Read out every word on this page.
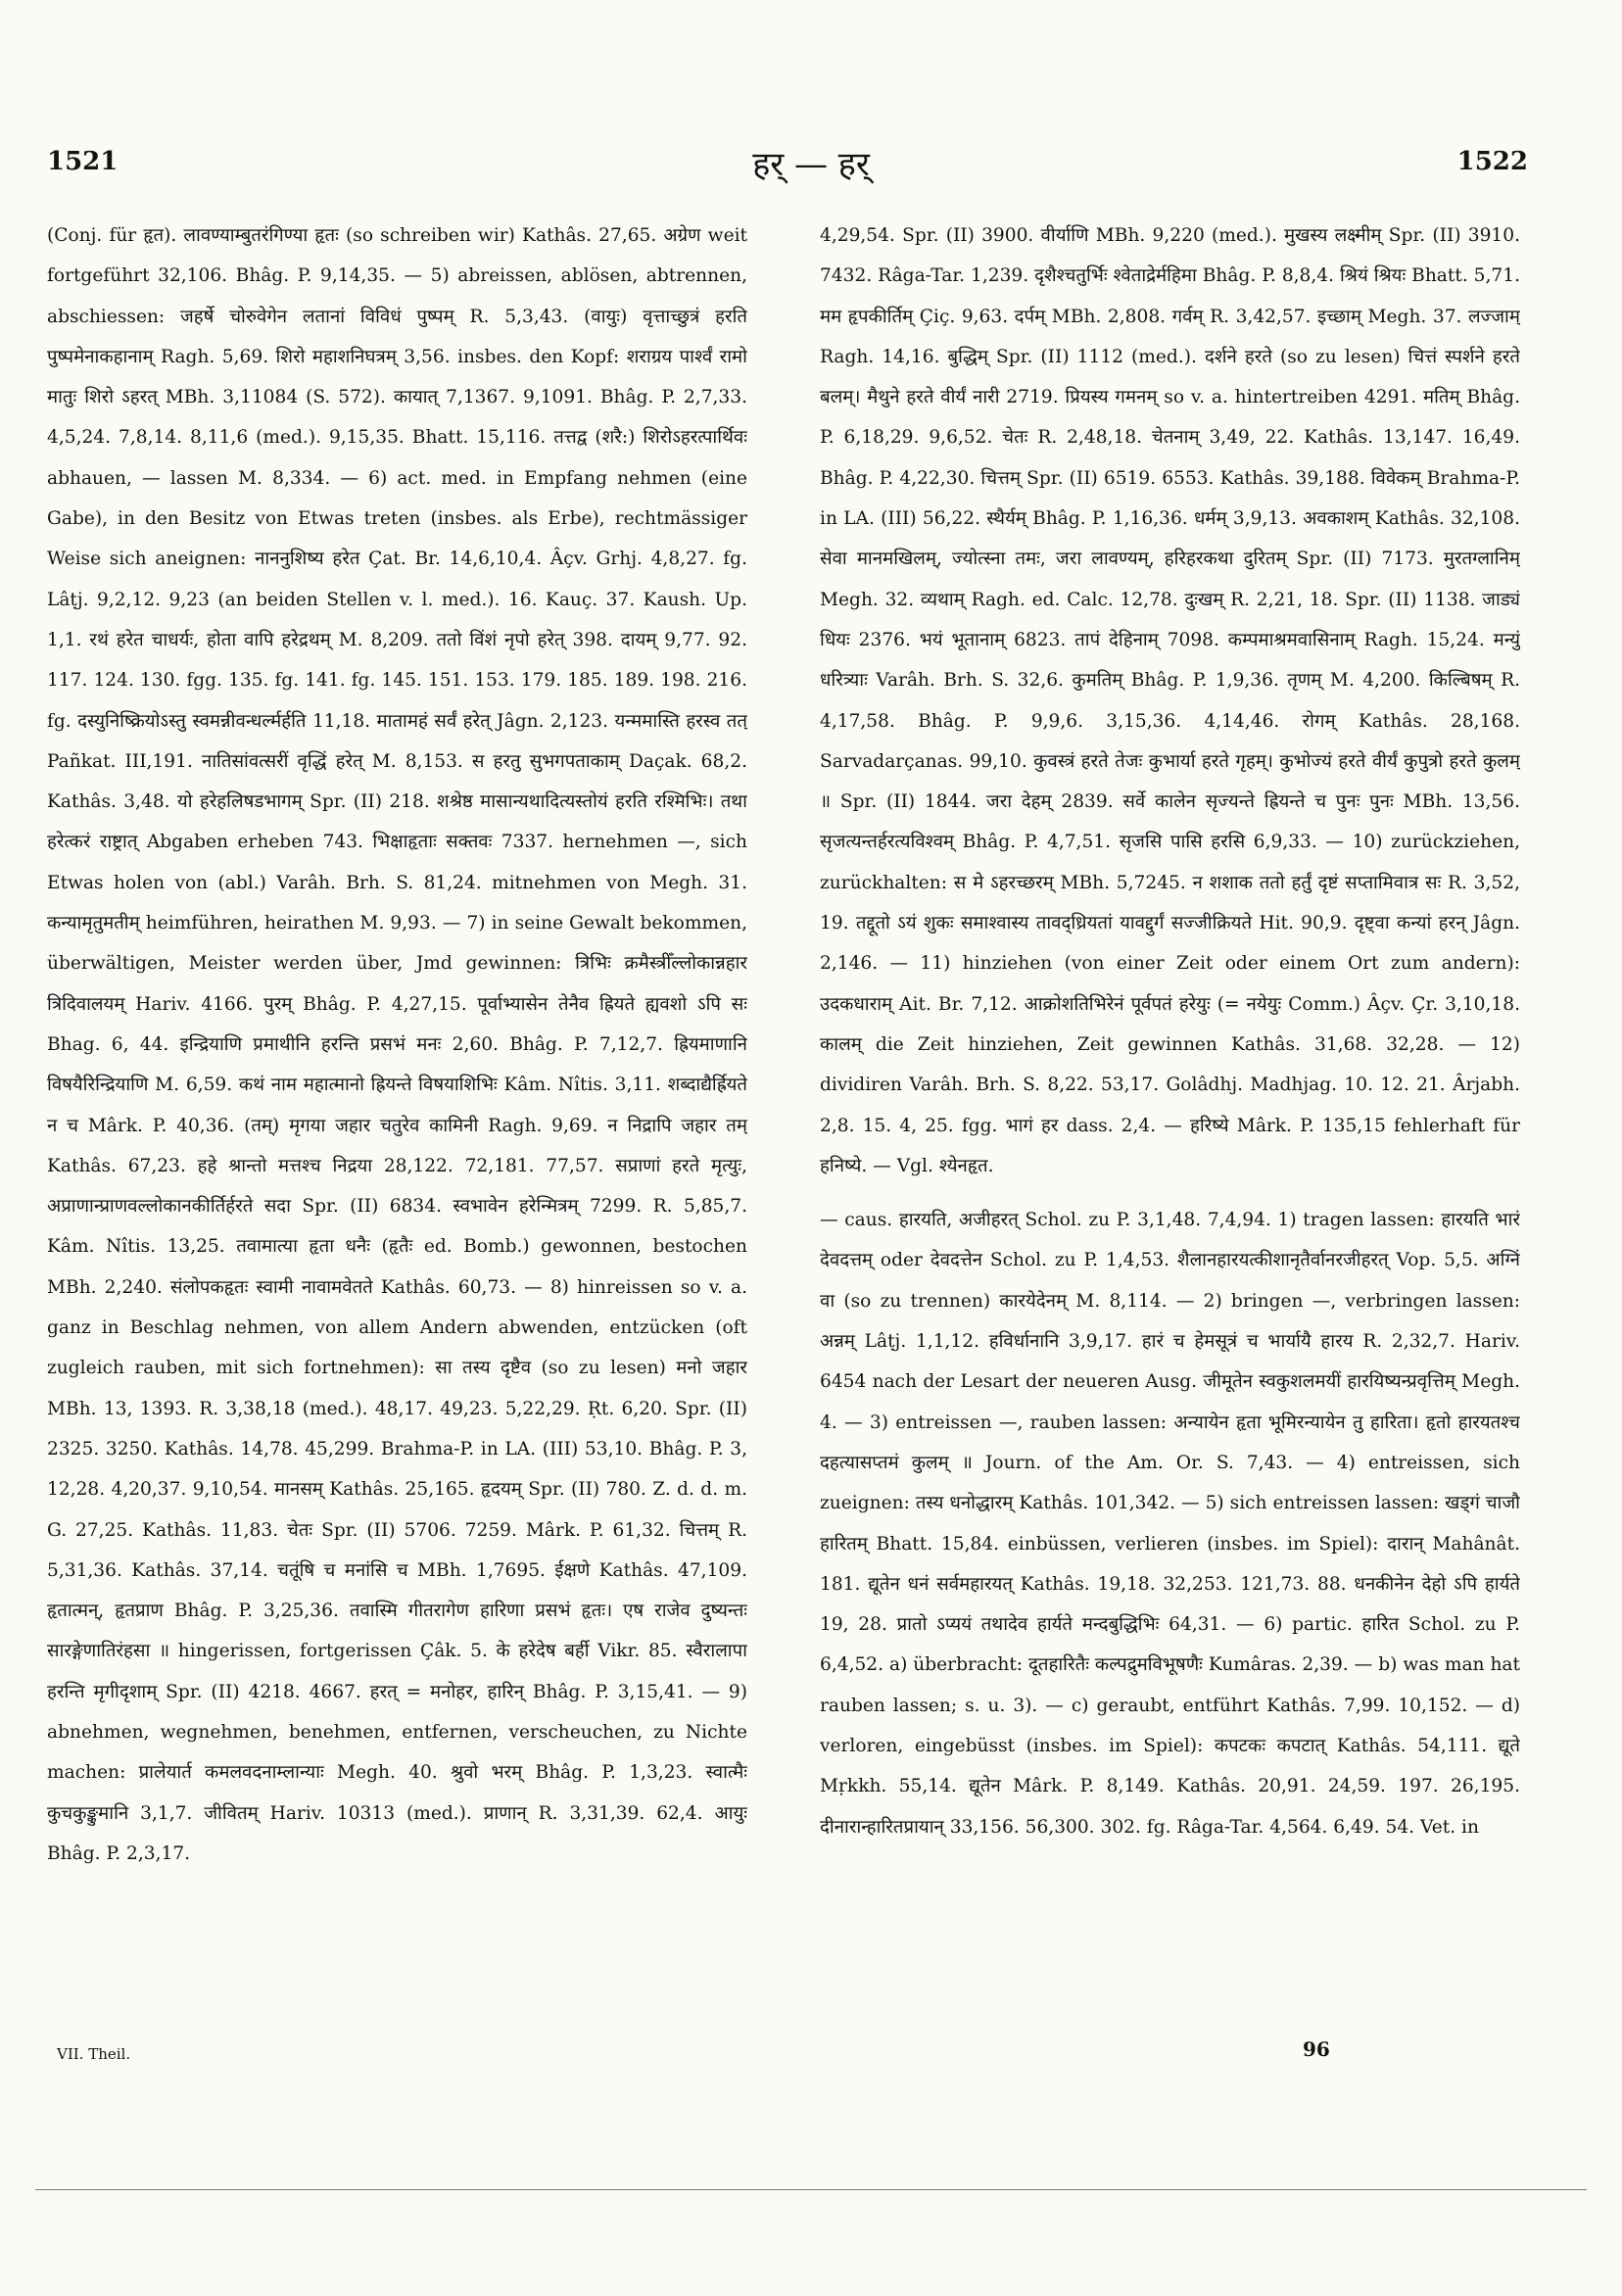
1521	हर् — हर्	1522

(Conj. für हृत). लावण्याम्बुतरंगिण्या हृतः (so schreiben wir) Kathâs. 27,65. अग्रेण weit fortgeführt 32,106. Bhâg. P. 9,14,35. — 5) abreissen, ablösen, abtrennen, abschiessen: जहर्षे चोरुवेगेन लतानां विविधं पुष्पम् R. 5,3,43. (वायुः) वृत्ताच्छुत्रं हरति पुष्पमेनाकहानाम् Ragh. 5,69. शिरो महाशनिघत्रम् 3,56. insbes. den Kopf: शराग्रय पार्श्वं रामो मातुः शिरो ऽहरत् MBh. 3,11084 (S. 572). कायात् 7,1367. 9,1091. Bhâg. P. 2,7,33. 4,5,24. 7,8,14. 8,11,6 (med.). 9,15,35. Bhatt. 15,116. तत्तद्व (शरै:) शिरोऽहरत्पार्थिवः abhauen, — lassen M. 8,334. — 6) act. med. in Empfang nehmen (eine Gabe), in den Besitz von Etwas treten (insbes. als Erbe), rechtmässiger Weise sich aneignen: नाननुशिष्य हरेत Çat. Br. 14,6,10,4. Âçv. Grhj. 4,8,27. fg. Lâṭj. 9,2,12. 9,23 (an beiden Stellen v. l. med.). 16. Kauç. 37. Kaush. Up. 1,1. रथं हरेत चाधर्यः, होता वापि हरेद्रथम् M. 8,209. ततो विंशं नृपो हरेत् 398. दायम् 9,77. 92. 117. 124. 130. fgg. 135. fg. 141. fg. 145. 151. 153. 179. 185. 189. 198. 216. fg. दस्युनिष्क्रियोऽस्तु स्वमन्नीवन्धर्ल्मर्हति 11,18. मातामहं सर्वं हरेत् Jâgn. 2,123. यन्ममास्ति हरस्व तत् Pañkat. III,191. नातिसांवत्सरीं वृद्धिं हरेत् M. 8,153. स हरतु सुभगपताकाम् Daçak. 68,2. Kathâs. 3,48. यो हरेहलिषडभागम् Spr. (II) 218. शश्रेष्ठ मासान्यथादित्यस्तोयं हरति रश्मिभिः। तथा हरेत्करं राष्ट्रात् Abgaben erheben 743. भिक्षाहृताः सक्तवः 7337. hernehmen —, sich Etwas holen von (abl.) Varâh. Brh. S. 81,24. mitnehmen von Megh. 31. कन्यामृतुमतीम् heimführen, heirathen M. 9,93. — 7) in seine Gewalt bekommen, überwältigen, Meister werden über, Jmd gewinnen: त्रिभिः क्रमैस्त्रीँल्लोकान्नहार त्रिदिवालयम् Hariv. 4166. पुरम् Bhâg. P. 4,27,15. पूर्वाभ्यासेन तेनैव ह्रियते ह्यवशो ऽपि सः Bhag. 6, 44. इन्द्रियाणि प्रमाथीनि हरन्ति प्रसभं मनः 2,60. Bhâg. P. 7,12,7. ह्रियमाणानि विषयैरिन्द्रियाणि M. 6,59. कथं नाम महात्मानो ह्रियन्ते विषयाशिभिः Kâm. Nîtis. 3,11. शब्दाद्यैर्ह्रियते न च Mârk. P. 40,36. (तम्) मृगया जहार चतुरेव कामिनी Ragh. 9,69. न निद्रापि जहार तम् Kathâs. 67,23. हहे श्रान्तो मत्तश्च निद्रया 28,122. 72,181. 77,57. सप्राणां हरते मृत्युः, अप्राणान्प्राणवल्लोकानकीर्तिर्हरते सदा Spr. (II) 6834. स्वभावेन हरेन्मित्रम् 7299. R. 5,85,7. Kâm. Nîtis. 13,25. तवामात्या हृता धनैः (हृतैः ed. Bomb.) gewonnen, bestochen MBh. 2,240. संलोपकहृतः स्वामी नावामवेतते Kathâs. 60,73. — 8) hinreissen so v. a. ganz in Beschlag nehmen, von allem Andern abwenden, entzücken (oft zugleich rauben, mit sich fortnehmen): सा तस्य दृष्टैव (so zu lesen) मनो जहार MBh. 13, 1393. R. 3,38,18 (med.). 48,17. 49,23. 5,22,29. Ṛt. 6,20. Spr. (II) 2325. 3250. Kathâs. 14,78. 45,299. Brahma-P. in LA. (III) 53,10. Bhâg. P. 3, 12,28. 4,20,37. 9,10,54. मानसम् Kathâs. 25,165. हृदयम् Spr. (II) 780. Z. d. d. m. G. 27,25. Kathâs. 11,83. चेतः Spr. (II) 5706. 7259. Mârk. P. 61,32. चित्तम् R. 5,31,36. Kathâs. 37,14. चतूंषि च मनांसि च MBh. 1,7695. ईक्षणे Kathâs. 47,109. हृतात्मन्, हृतप्राण Bhâg. P. 3,25,36. तवास्मि गीतरागेण हारिणा प्रसभं हृतः। एष राजेव दुष्यन्तः सारङ्गेणातिरंहसा ॥ hingerissen, fortgerissen Çâk. 5. के हरेदेष बर्ही Vikr. 85. स्वैरालापा हरन्ति मृगीदृशाम् Spr. (II) 4218. 4667. हरत् = मनोहर, हारिन् Bhâg. P. 3,15,41. — 9) abnehmen, wegnehmen, benehmen, entfernen, verscheuchen, zu Nichte machen: प्रालेयार्त कमलवदनाम्लान्याः Megh. 40. श्रुवो भरम् Bhâg. P. 1,3,23. स्वात्मैः कुचकुङ्कुमानि 3,1,7. जीवितम् Hariv. 10313 (med.). प्राणान् R. 3,31,39. 62,4. आयुः Bhâg. P. 2,3,17.

4,29,54. Spr. (II) 3900. वीर्याणि MBh. 9,220 (med.). मुखस्य लक्ष्मीम् Spr. (II) 3910. 7432. Râga-Tar. 1,239. दृशैश्चतुर्भिः श्वेताद्रेर्महिमा Bhâg. P. 8,8,4. श्रियं श्रियः Bhatt. 5,71. मम हृपकीर्तिम् Çiç. 9,63. दर्पम् MBh. 2,808. गर्वम् R. 3,42,57. इच्छाम् Megh. 37. लज्जाम् Ragh. 14,16. बुद्धिम् Spr. (II) 1112 (med.). दर्शने हरते (so zu lesen) चित्तं स्पर्शने हरते बलम्। मैथुने हरते वीर्यं नारी 2719. प्रियस्य गमनम् so v. a. hintertreiben 4291. मतिम् Bhâg. P. 6,18,29. 9,6,52. चेतः R. 2,48,18. चेतनाम् 3,49, 22. Kathâs. 13,147. 16,49. Bhâg. P. 4,22,30. चित्तम् Spr. (II) 6519. 6553. Kathâs. 39,188. विवेकम् Brahma-P. in LA. (III) 56,22. स्थैर्यम् Bhâg. P. 1,16,36. धर्मम् 3,9,13. अवकाशम् Kathâs. 32,108. सेवा मानमखिलम्, ज्योत्स्ना तमः, जरा लावण्यम्, हरिहरकथा दुरितम् Spr. (II) 7173. मुरतग्लानिम् Megh. 32. व्यथाम् Ragh. ed. Calc. 12,78. दुःखम् R. 2,21, 18. Spr. (II) 1138. जाड्यं धियः 2376. भयं भूतानाम् 6823. तापं देहिनाम् 7098. कम्पमाश्रमवासिनाम् Ragh. 15,24. मन्युं धरित्र्याः Varâh. Brh. S. 32,6. कुमतिम् Bhâg. P. 1,9,36. तृणम् M. 4,200. किल्बिषम् R. 4,17,58. Bhâg. P. 9,9,6. 3,15,36. 4,14,46. रोगम् Kathâs. 28,168. Sarvadarçanas. 99,10. कुवस्त्रं हरते तेजः कुभार्या हरते गृहम्। कुभोज्यं हरते वीर्यं कुपुत्रो हरते कुलम् ॥ Spr. (II) 1844. जरा देहम् 2839. सर्वे कालेन सृज्यन्ते ह्रियन्ते च पुनः पुनः MBh. 13,56. सृजत्यन्तर्हरत्यविश्वम् Bhâg. P. 4,7,51. सृजसि पासि हरसि 6,9,33. — 10) zurückziehen, zurückhalten: स मे ऽहरच्छरम् MBh. 5,7245. न शशाक ततो हर्तुं दृष्टं सप्तामिवात्र सः R. 3,52, 19. तद्दूतो ऽयं शुकः समाश्वास्य तावद्ध्रियतां यावद्दुर्गं सज्जीक्रियते Hit. 90,9. दृष्ट्वा कन्यां हरन् Jâgn. 2,146. — 11) hinziehen (von einer Zeit oder einem Ort zum andern): उदकधाराम् Ait. Br. 7,12. आक्रोशतिभिरेनं पूर्वपतं हरेयुः (= नयेयुः Comm.) Âçv. Çr. 3,10,18. कालम् die Zeit hinziehen, Zeit gewinnen Kathâs. 31,68. 32,28. — 12) dividiren Varâh. Brh. S. 8,22. 53,17. Golâdhj. Madhjag. 10. 12. 21. Ârjabh. 2,8. 15. 4, 25. fgg. भागं हर dass. 2,4. — हरिष्ये Mârk. P. 135,15 fehlerhaft für हनिष्ये. — Vgl. श्येनहृत.

— caus. हारयति, अजीहरत् Schol. zu P. 3,1,48. 7,4,94. 1) tragen lassen: हारयति भारं देवदत्तम् oder देवदत्तेन Schol. zu P. 1,4,53. शैलानहारयत्कीशानृतैर्वानरजीहरत् Vop. 5,5. अग्निं वा (so zu trennen) कारयेदेनम् M. 8,114. — 2) bringen —, verbringen lassen: अन्नम् Lâṭj. 1,1,12. हविर्धानानि 3,9,17. हारं च हेमसूत्रं च भार्यायै हारय R. 2,32,7. Hariv. 6454 nach der Lesart der neueren Ausg. जीमूतेन स्वकुशलमयीं हारयिष्यन्प्रवृत्तिम् Megh. 4. — 3) entreissen —, rauben lassen: अन्यायेन हृता भूमिरन्यायेन तु हारिता। हृतो हारयतश्च दहत्यासप्तमं कुलम् ॥ Journ. of the Am. Or. S. 7,43. — 4) entreissen, sich zueignen: तस्य धनोद्धारम् Kathâs. 101,342. — 5) sich entreissen lassen: खड्गं चाजौ हारितम् Bhatt. 15,84. einbüssen, verlieren (insbes. im Spiel): दारान् Mahânât. 181. द्यूतेन धनं सर्वमहारयत् Kathâs. 19,18. 32,253. 121,73. 88. धनकीनेन देहो ऽपि हार्यते 19, 28. प्रातो ऽप्ययं तथादेव हार्यते मन्दबुद्धिभिः 64,31. — 6) partic. हारित Schol. zu P. 6,4,52. a) überbracht: दूतहारितैः कल्पद्रुमविभूषणैः Kumâras. 2,39. — b) was man hat rauben lassen; s. u. 3). — c) geraubt, entführt Kathâs. 7,99. 10,152. — d) verloren, eingebüsst (insbes. im Spiel): कपटकः कपटात् Kathâs. 54,111. द्यूते Mṛkkh. 55,14. द्यूतेन Mârk. P. 8,149. Kathâs. 20,91. 24,59. 197. 26,195. दीनारान्हारितप्रायान् 33,156. 56,300. 302. fg. Râga-Tar. 4,564. 6,49. 54. Vet. in

VII. Theil.	96
